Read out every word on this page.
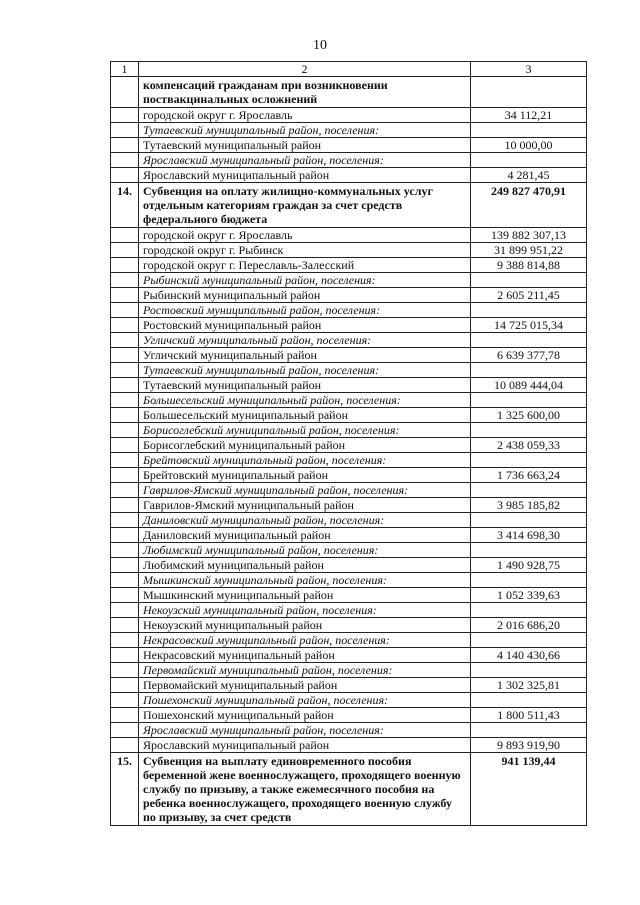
10
1	2	3
	компенсаций гражданам при возникновении поствакцинальных осложнений	
	городской округ г. Ярославль	34 112,21
	Тутаевский муниципальный район, поселения:	
	Тутаевский муниципальный район	10 000,00
	Ярославский муниципальный район, поселения:	
	Ярославский муниципальный район	4 281,45
14.	Субвенция на оплату жилищно-коммунальных услуг отдельным категориям граждан за счет средств федерального бюджета	249 827 470,91
	городской округ г. Ярославль	139 882 307,13
	городской округ г. Рыбинск	31 899 951,22
	городской округ г. Переславль-Залесский	9 388 814,88
	Рыбинский муниципальный район, поселения:	
	Рыбинский муниципальный район	2 605 211,45
	Ростовский муниципальный район, поселения:	
	Ростовский муниципальный район	14 725 015,34
	Угличский муниципальный район, поселения:	
	Угличский муниципальный район	6 639 377,78
	Тутаевский муниципальный район, поселения:	
	Тутаевский муниципальный район	10 089 444,04
	Большесельский муниципальный район, поселения:	
	Большесельский муниципальный район	1 325 600,00
	Борисоглебский муниципальный район, поселения:	
	Борисоглебский муниципальный район	2 438 059,33
	Брейтовский муниципальный район, поселения:	
	Брейтовский муниципальный район	1 736 663,24
	Гаврилов-Ямский муниципальный район, поселения:	
	Гаврилов-Ямский муниципальный район	3 985 185,82
	Даниловский муниципальный район, поселения:	
	Даниловский муниципальный район	3 414 698,30
	Любимский муниципальный район, поселения:	
	Любимский муниципальный район	1 490 928,75
	Мышкинский муниципальный район, поселения:	
	Мышкинский муниципальный район	1 052 339,63
	Некоузский муниципальный район, поселения:	
	Некоузский муниципальный район	2 016 686,20
	Некрасовский муниципальный район, поселения:	
	Некрасовский муниципальный район	4 140 430,66
	Первомайский муниципальный район, поселения:	
	Первомайский муниципальный район	1 302 325,81
	Пошехонский муниципальный район, поселения:	
	Пошехонский муниципальный район	1 800 511,43
	Ярославский муниципальный район, поселения:	
	Ярославский муниципальный район	9 893 919,90
15.	Субвенция на выплату единовременного пособия беременной жене военнослужащего, проходящего военную службу по призыву, а также ежемесячного пособия на ребенка военнослужащего, проходящего военную службу по призыву, за счет средств	941 139,44
